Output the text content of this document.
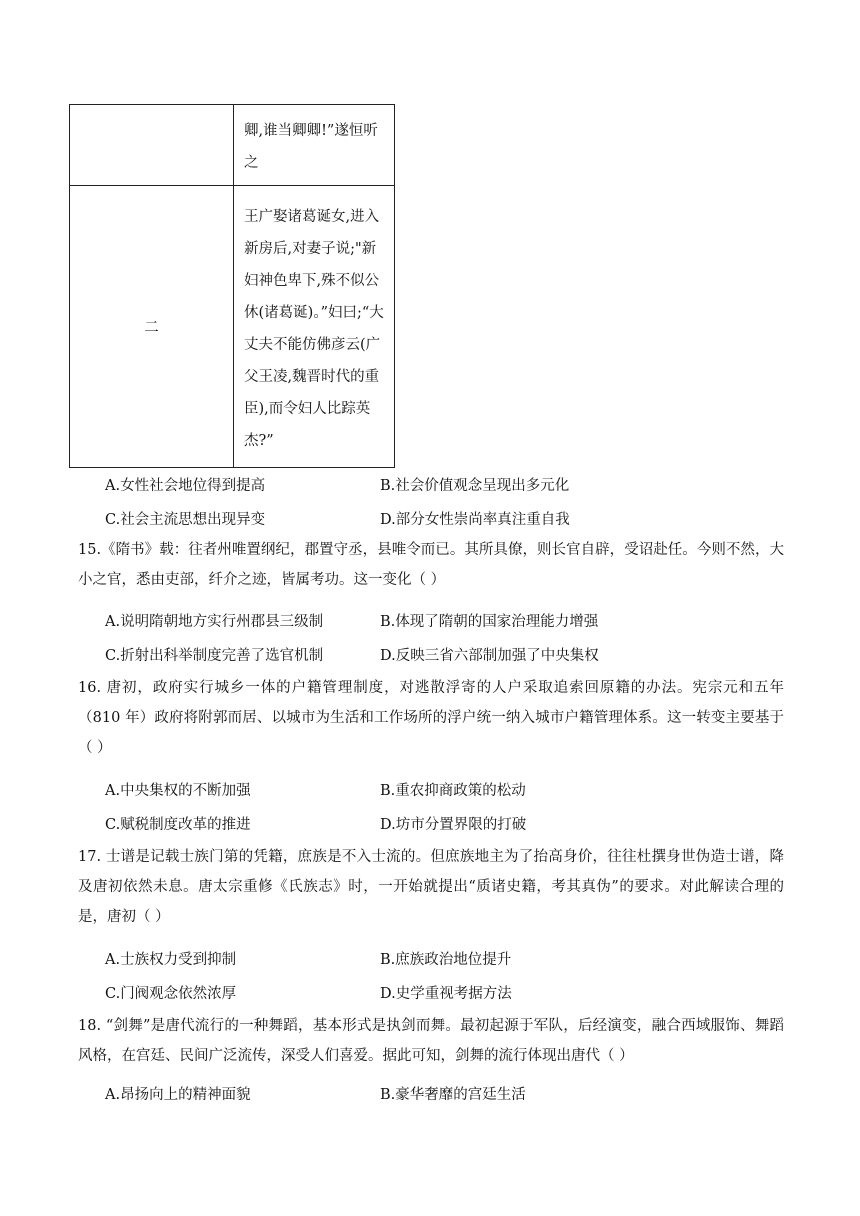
	卿,谁当卿卿!”遂恒听之
二	王广娶诸葛诞女,进入新房后,对妻子说;"新妇神色卑下,殊不似公休(诸葛诞)。”妇曰;“大丈夫不能仿佛彦云(广父王凌,魏晋时代的重臣),而令妇人比踪英杰?”
A.女性社会地位得到提高	B.社会价值观念呈现出多元化
C.社会主流思想出现异变	D.部分女性崇尚率真注重自我
15.《隋书》载：往者州唯置纲纪，郡置守丞，县唯令而已。其所具僚，则长官自辟，受诏赴任。今则不然，大小之官，悉由吏部，纤介之迹，皆属考功。这一变化（ ）
A.说明隋朝地方实行州郡县三级制	B.体现了隋朝的国家治理能力增强
C.折射出科举制度完善了选官机制	D.反映三省六部制加强了中央集权
16. 唐初，政府实行城乡一体的户籍管理制度，对逃散浮寄的人户采取追索回原籍的办法。宪宗元和五年（810 年）政府将附郭而居、以城市为生活和工作场所的浮户统一纳入城市户籍管理体系。这一转变主要基于（ ）
A.中央集权的不断加强	B.重农抑商政策的松动
C.赋税制度改革的推进	D.坊市分置界限的打破
17. 士谱是记载士族门第的凭籍，庶族是不入士流的。但庶族地主为了抬高身价，往往杜撰身世伪造士谱，降及唐初依然未息。唐太宗重修《氏族志》时，一开始就提出“质诸史籍，考其真伪”的要求。对此解读合理的是，唐初（ ）
A.士族权力受到抑制	B.庶族政治地位提升
C.门阀观念依然浓厚	D.史学重视考据方法
18. “剑舞”是唐代流行的一种舞蹈，基本形式是执剑而舞。最初起源于军队，后经演变，融合西域服饰、舞蹈风格，在宫廷、民间广泛流传，深受人们喜爱。据此可知，剑舞的流行体现出唐代（ ）
A.昂扬向上的精神面貌	B.豪华奢靡的宫廷生活
